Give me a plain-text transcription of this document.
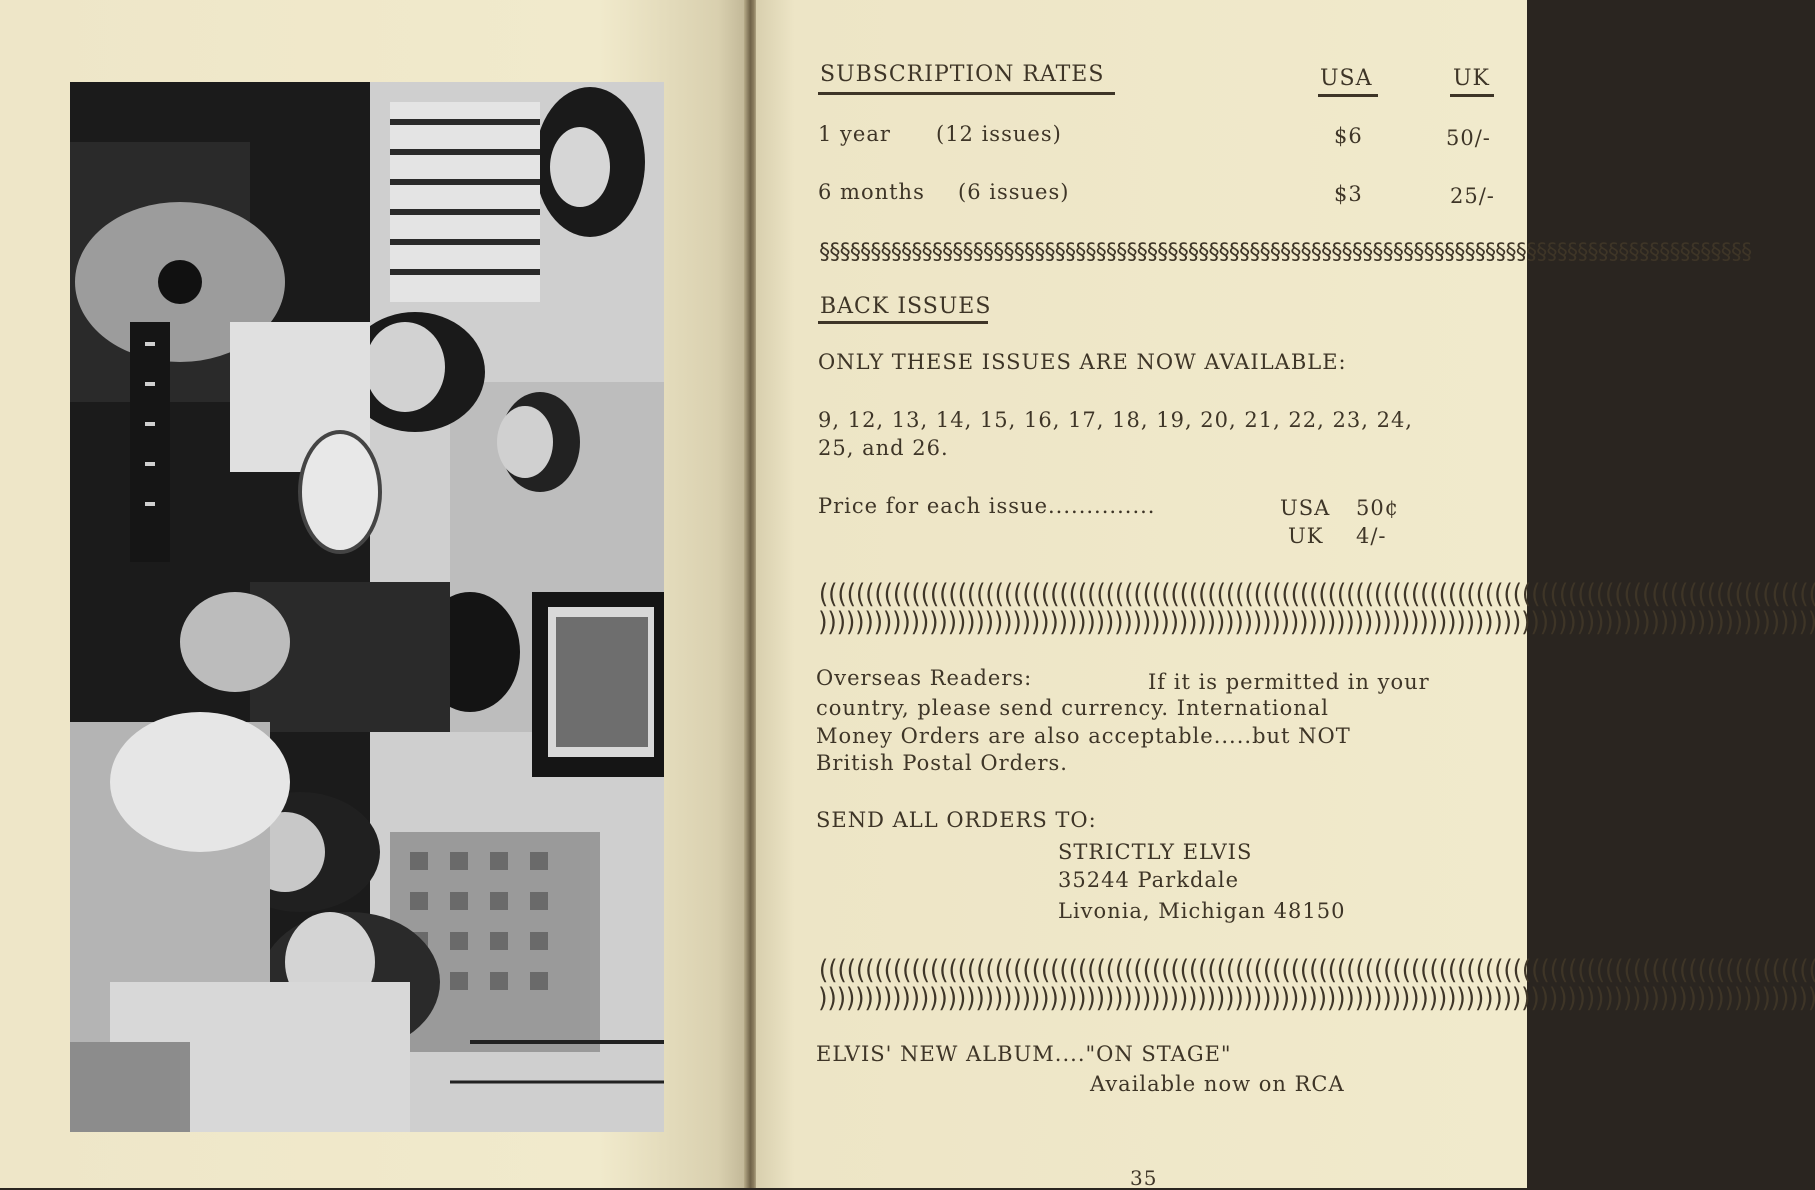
SUBSCRIPTION RATES	USA	UK
1 year (12 issues)	$6	50/-
6 months (6 issues)	$3	25/-
§§§§§§§§§§§§§§§§§§§§§§§§§§§§§§§§§§§§§§§§§§§§§§§§§§§§§§§§§§§§§§§§§§§§§§§§§§§§§§§§§§§§§§§§§§§
BACK ISSUES
ONLY THESE ISSUES ARE NOW AVAILABLE:
9, 12, 13, 14, 15, 16, 17, 18, 19, 20, 21, 22, 23, 24,
25, and 26.
Price for each issue..............	USA 50¢
UK 4/-
((((((((((((((((((((((((((((((((((((((((((((((((((((((((((((((((((((((((((((((((((((((((((((((((((((((((((((
))))))))))))))))))))))))))))))))))))))))))))))))))))))))))))))))))))))))))))))))))))))))))))))))))))))))))))
Overseas Readers:	If it is permitted in your
country, please send currency. International
Money Orders are also acceptable.....but NOT
British Postal Orders.
SEND ALL ORDERS TO:
STRICTLY ELVIS
35244 Parkdale
Livonia, Michigan 48150
((((((((((((((((((((((((((((((((((((((((((((((((((((((((((((((((((((((((((((((((((((((((((((((((((((((((((((
))))))))))))))))))))))))))))))))))))))))))))))))))))))))))))))))))))))))))))))))))))))))))))))))))))))))))))
ELVIS' NEW ALBUM...."ON STAGE"
Available now on RCA
35
